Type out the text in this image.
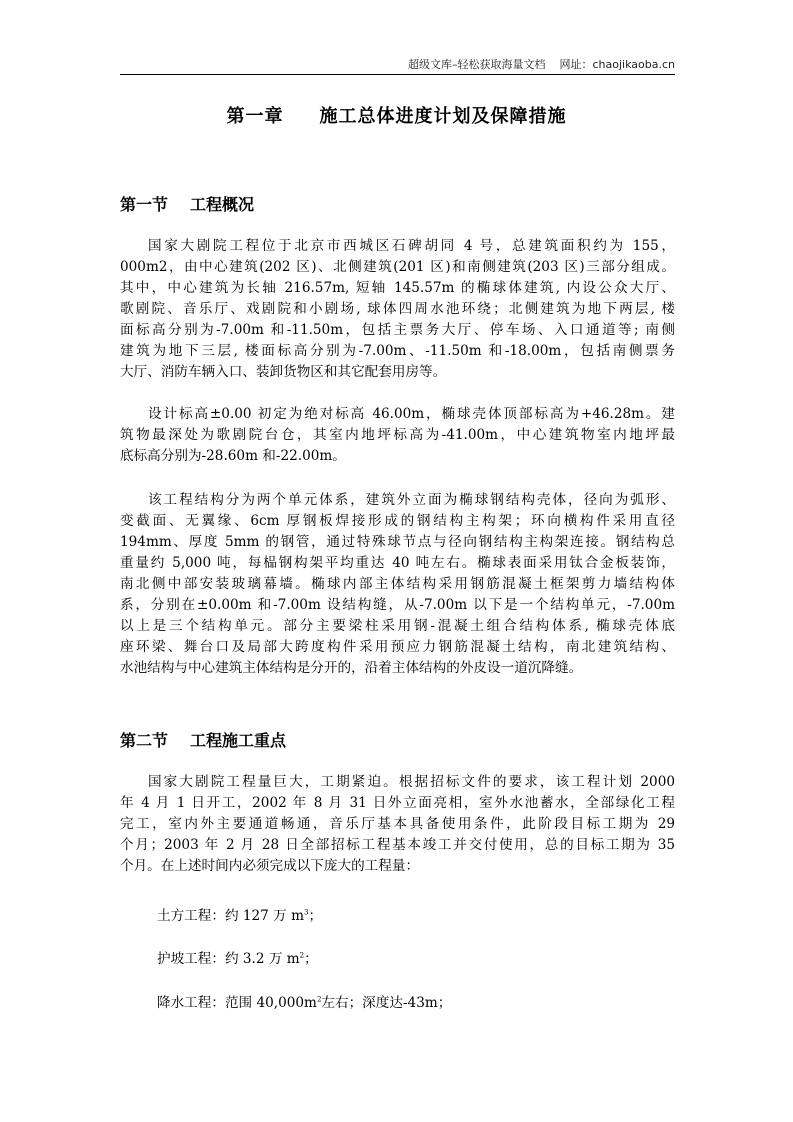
超级文库–轻松获取海量文档 网址：chaojikaoba.cn
第一章 施工总体进度计划及保障措施
第一节 工程概况
国家大剧院工程位于北京市西城区石碑胡同 4 号，总建筑面积约为 155，
000m2，由中心建筑(202 区)、北侧建筑(201 区)和南侧建筑(203 区)三部分组成。
其中，中心建筑为长轴 216.57m, 短轴 145.57m 的椭球体建筑, 内设公众大厅、
歌剧院、音乐厅、戏剧院和小剧场, 球体四周水池环绕；北侧建筑为地下两层, 楼
面标高分别为-7.00m 和-11.50m，包括主票务大厅、停车场、入口通道等; 南侧
建筑为地下三层, 楼面标高分别为-7.00m、-11.50m 和-18.00m，包括南侧票务
大厅、消防车辆入口、装卸货物区和其它配套用房等。
设计标高±0.00 初定为绝对标高 46.00m，椭球壳体顶部标高为+46.28m。建
筑物最深处为歌剧院台仓，其室内地坪标高为-41.00m，中心建筑物室内地坪最
底标高分别为-28.60m 和-22.00m。
该工程结构分为两个单元体系，建筑外立面为椭球钢结构壳体，径向为弧形、
变截面、无翼缘、6cm 厚钢板焊接形成的钢结构主构架；环向横构件采用直径
194mm、厚度 5mm 的钢管，通过特殊球节点与径向钢结构主构架连接。钢结构总
重量约 5,000 吨，每榀钢构架平均重达 40 吨左右。椭球表面采用钛合金板装饰，
南北侧中部安装玻璃幕墙。椭球内部主体结构采用钢筋混凝土框架剪力墙结构体
系，分别在±0.00m 和-7.00m 设结构缝，从-7.00m 以下是一个结构单元，-7.00m
以上是三个结构单元。部分主要梁柱采用钢-混凝土组合结构体系, 椭球壳体底
座环梁、舞台口及局部大跨度构件采用预应力钢筋混凝土结构，南北建筑结构、
水池结构与中心建筑主体结构是分开的，沿着主体结构的外皮设一道沉降缝。
第二节 工程施工重点
国家大剧院工程量巨大，工期紧迫。根据招标文件的要求，该工程计划 2000
年 4 月 1 日开工，2002 年 8 月 31 日外立面亮相，室外水池蓄水，全部绿化工程
完工，室内外主要通道畅通，音乐厅基本具备使用条件，此阶段目标工期为 29
个月；2003 年 2 月 28 日全部招标工程基本竣工并交付使用，总的目标工期为 35
个月。在上述时间内必须完成以下庞大的工程量：
土方工程：约 127 万 $m^3$；
护坡工程：约 3.2 万 $m^2$；
降水工程：范围 $40,000m^2$左右；深度达-43m；
